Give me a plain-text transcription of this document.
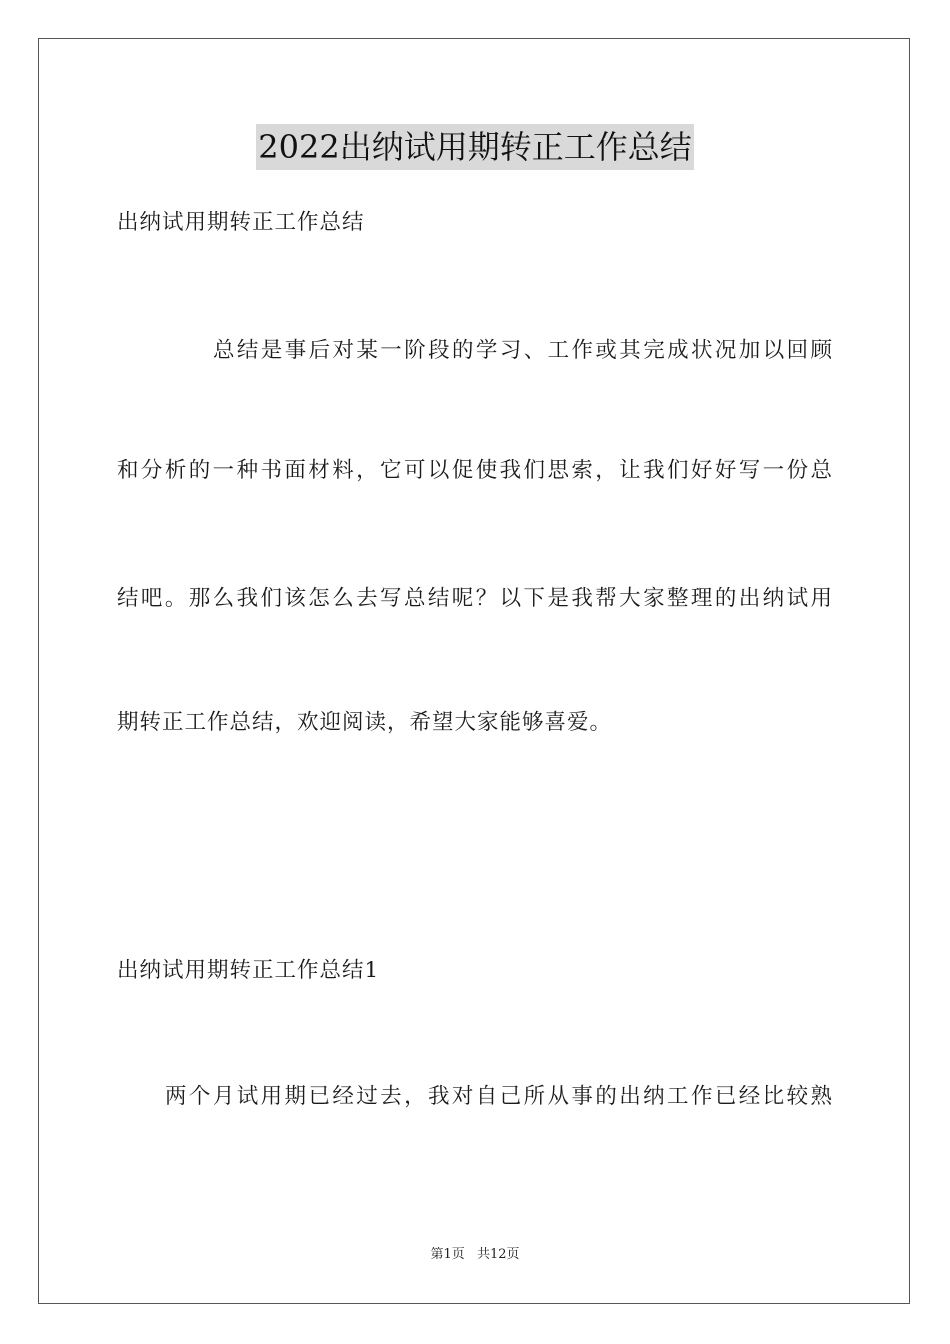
2022出纳试用期转正工作总结
出纳试用期转正工作总结
总结是事后对某一阶段的学习、工作或其完成状况加以回顾
和分析的一种书面材料，它可以促使我们思索，让我们好好写一份总
结吧。那么我们该怎么去写总结呢？以下是我帮大家整理的出纳试用
期转正工作总结，欢迎阅读，希望大家能够喜爱。
出纳试用期转正工作总结1
两个月试用期已经过去，我对自己所从事的出纳工作已经比较熟
第1页 共12页
